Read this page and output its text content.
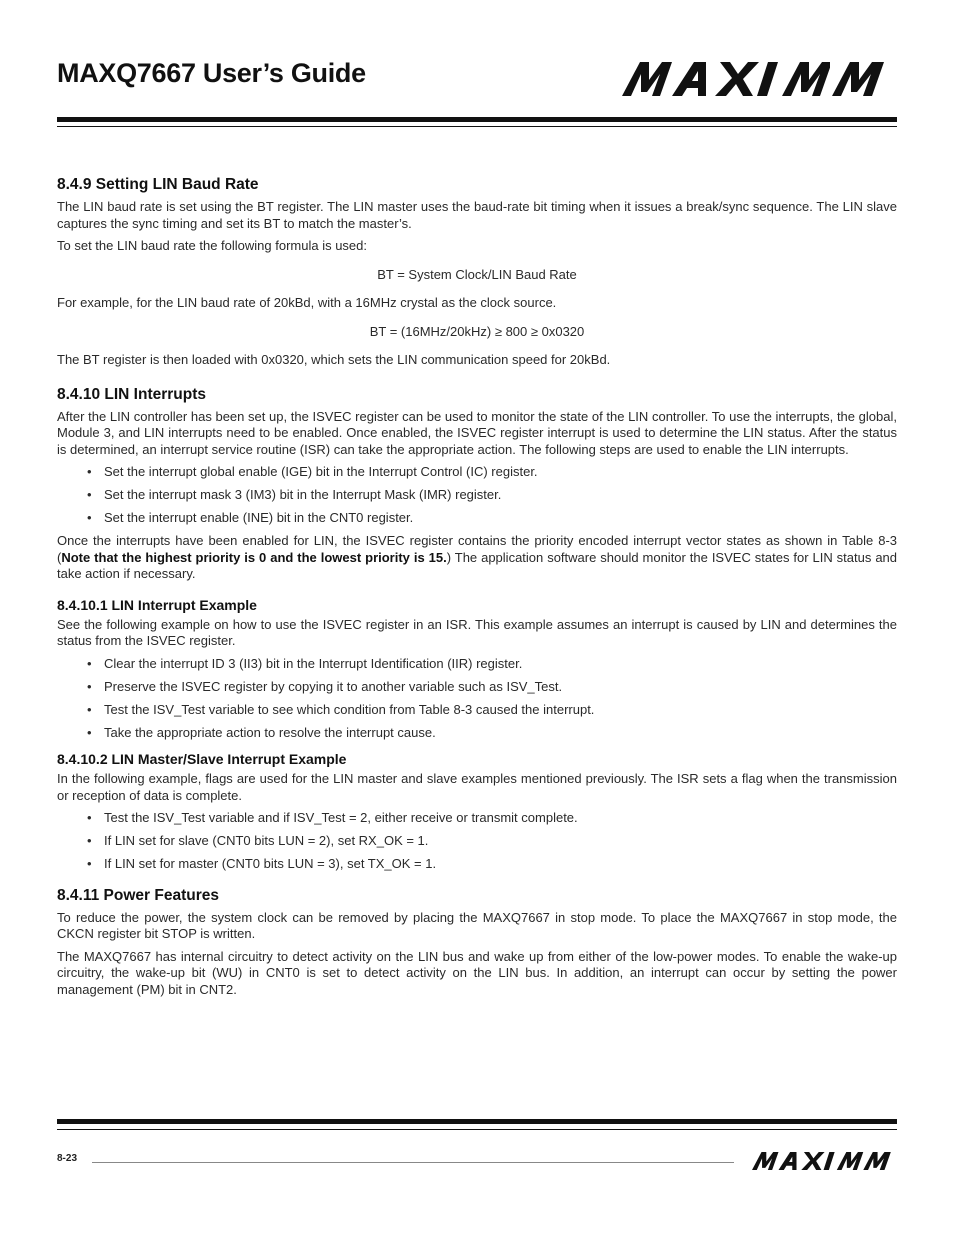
MAXQ7667 User’s Guide
8.4.9 Setting LIN Baud Rate

The LIN baud rate is set using the BT register. The LIN master uses the baud-rate bit timing when it issues a break/sync sequence. The LIN slave captures the sync timing and set its BT to match the master’s.

To set the LIN baud rate the following formula is used:

BT = System Clock/LIN Baud Rate

For example, for the LIN baud rate of 20kBd, with a 16MHz crystal as the clock source.

BT = (16MHz/20kHz) ≥ 800 ≥ 0x0320

The BT register is then loaded with 0x0320, which sets the LIN communication speed for 20kBd.

8.4.10 LIN Interrupts

After the LIN controller has been set up, the ISVEC register can be used to monitor the state of the LIN controller. To use the interrupts, the global, Module 3, and LIN interrupts need to be enabled. Once enabled, the ISVEC register interrupt is used to determine the LIN status. After the status is determined, an interrupt service routine (ISR) can take the appropriate action. The following steps are used to enable the LIN interrupts.

• Set the interrupt global enable (IGE) bit in the Interrupt Control (IC) register.
• Set the interrupt mask 3 (IM3) bit in the Interrupt Mask (IMR) register.
• Set the interrupt enable (INE) bit in the CNT0 register.

Once the interrupts have been enabled for LIN, the ISVEC register contains the priority encoded interrupt vector states as shown in Table 8-3 (Note that the highest priority is 0 and the lowest priority is 15.) The application software should monitor the ISVEC states for LIN status and take action if necessary.

8.4.10.1 LIN Interrupt Example

See the following example on how to use the ISVEC register in an ISR. This example assumes an interrupt is caused by LIN and determines the status from the ISVEC register.

• Clear the interrupt ID 3 (II3) bit in the Interrupt Identification (IIR) register.
• Preserve the ISVEC register by copying it to another variable such as ISV_Test.
• Test the ISV_Test variable to see which condition from Table 8-3 caused the interrupt.
• Take the appropriate action to resolve the interrupt cause.
8.4.10.2 LIN Master/Slave Interrupt Example

In the following example, flags are used for the LIN master and slave examples mentioned previously. The ISR sets a flag when the transmission or reception of data is complete.

• Test the ISV_Test variable and if ISV_Test = 2, either receive or transmit complete.
• If LIN set for slave (CNT0 bits LUN = 2), set RX_OK = 1.
• If LIN set for master (CNT0 bits LUN = 3), set TX_OK = 1.
8.4.11 Power Features

To reduce the power, the system clock can be removed by placing the MAXQ7667 in stop mode. To place the MAXQ7667 in stop mode, the CKCN register bit STOP is written.

The MAXQ7667 has internal circuitry to detect activity on the LIN bus and wake up from either of the low-power modes. To enable the wake-up circuitry, the wake-up bit (WU) in CNT0 is set to detect activity on the LIN bus. In addition, an interrupt can occur by setting the power management (PM) bit in CNT2.

8-23
